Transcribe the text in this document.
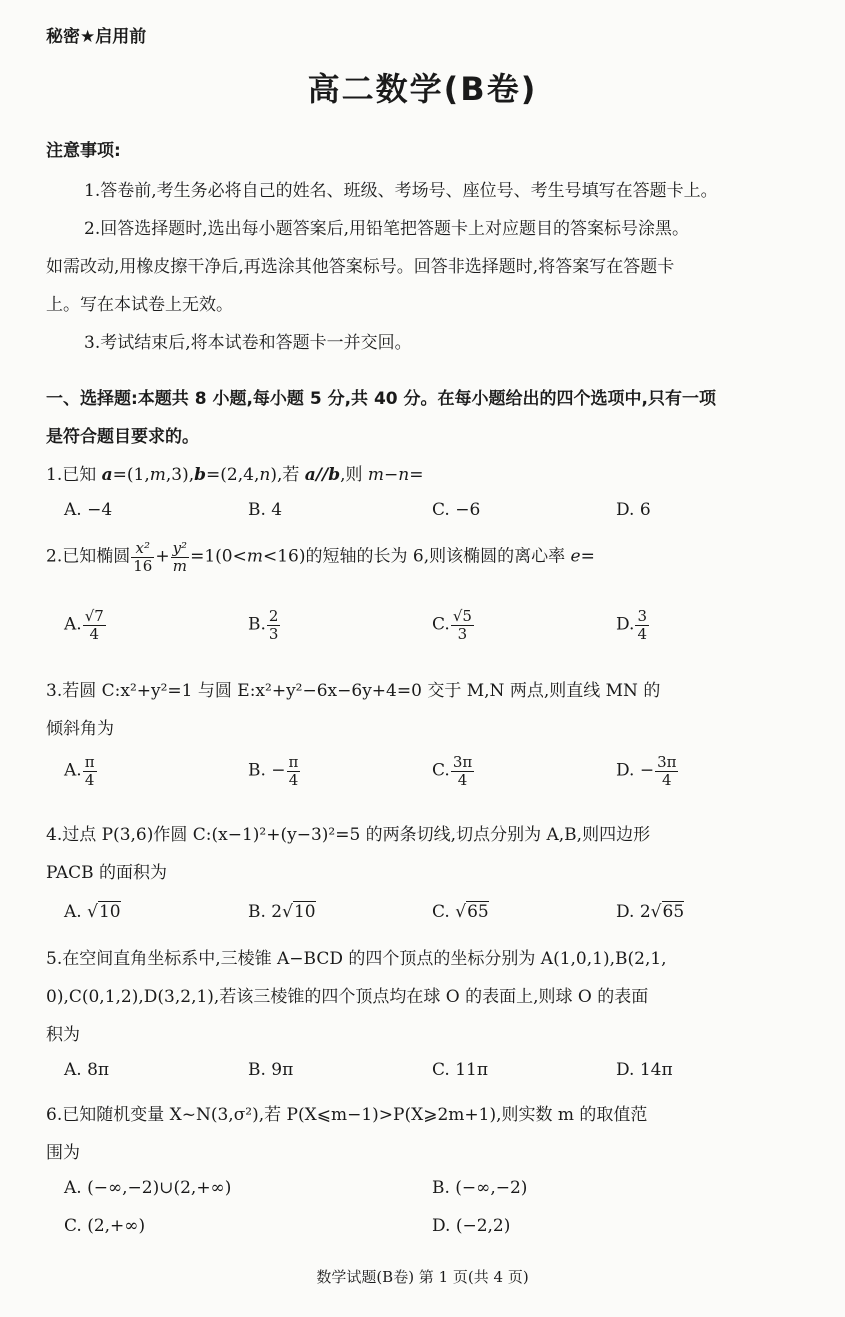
秘密★启用前
高二数学(B卷)
注意事项:
1.答卷前,考生务必将自己的姓名、班级、考场号、座位号、考生号填写在答题卡上。
2.回答选择题时,选出每小题答案后,用铅笔把答题卡上对应题目的答案标号涂黑。
如需改动,用橡皮擦干净后,再选涂其他答案标号。回答非选择题时,将答案写在答题卡
上。写在本试卷上无效。
3.考试结束后,将本试卷和答题卡一并交回。
一、选择题:本题共 8 小题,每小题 5 分,共 40 分。在每小题给出的四个选项中,只有一项
是符合题目要求的。
1.已知 a=(1,m,3),b=(2,4,n),若 a//b,则 m−n=
A. −4	B. 4	C. −6	D. 6
2.已知椭圆 $\frac{\text{x²}}{16} + \frac{\text{y²}}{m} =1(0<m<16)$的短轴的长为 6,则该椭圆的离心率 e=
A. $\frac{√7}{4}$	B. $\frac{2}{3}$	C. $\frac{√5}{3}$	D. $\frac{3}{4}$
3.若圆 C:x²+y²=1 与圆 E:x²+y²−6x−6y+4=0 交于 M,N 两点,则直线 MN 的
倾斜角为
A. $\frac{\pi}{4}$	B. − $\frac{\pi}{4}$	C. $\frac{3\pi}{4}$	D. − $\frac{3\pi}{4}$
4.过点 P(3,6)作圆 C:(x−1)²+(y−3)²=5 的两条切线,切点分别为 A,B,则四边形
PACB 的面积为
A. √10	B. 2√10	C. √65	D. 2√65
5.在空间直角坐标系中,三棱锥 A−BCD 的四个顶点的坐标分别为 A(1,0,1),B(2,1,
0),C(0,1,2),D(3,2,1),若该三棱锥的四个顶点均在球 O 的表面上,则球 O 的表面
积为
A. 8π	B. 9π	C. 11π	D. 14π
6.已知随机变量 X~N(3,σ²),若 P(X⩽m−1)>P(X⩾2m+1),则实数 m 的取值范
围为
A. (−∞,−2)∪(2,+∞)	B. (−∞,−2)
C. (2,+∞)	D. (−2,2)
数学试题(B卷) 第 1 页(共 4 页)
